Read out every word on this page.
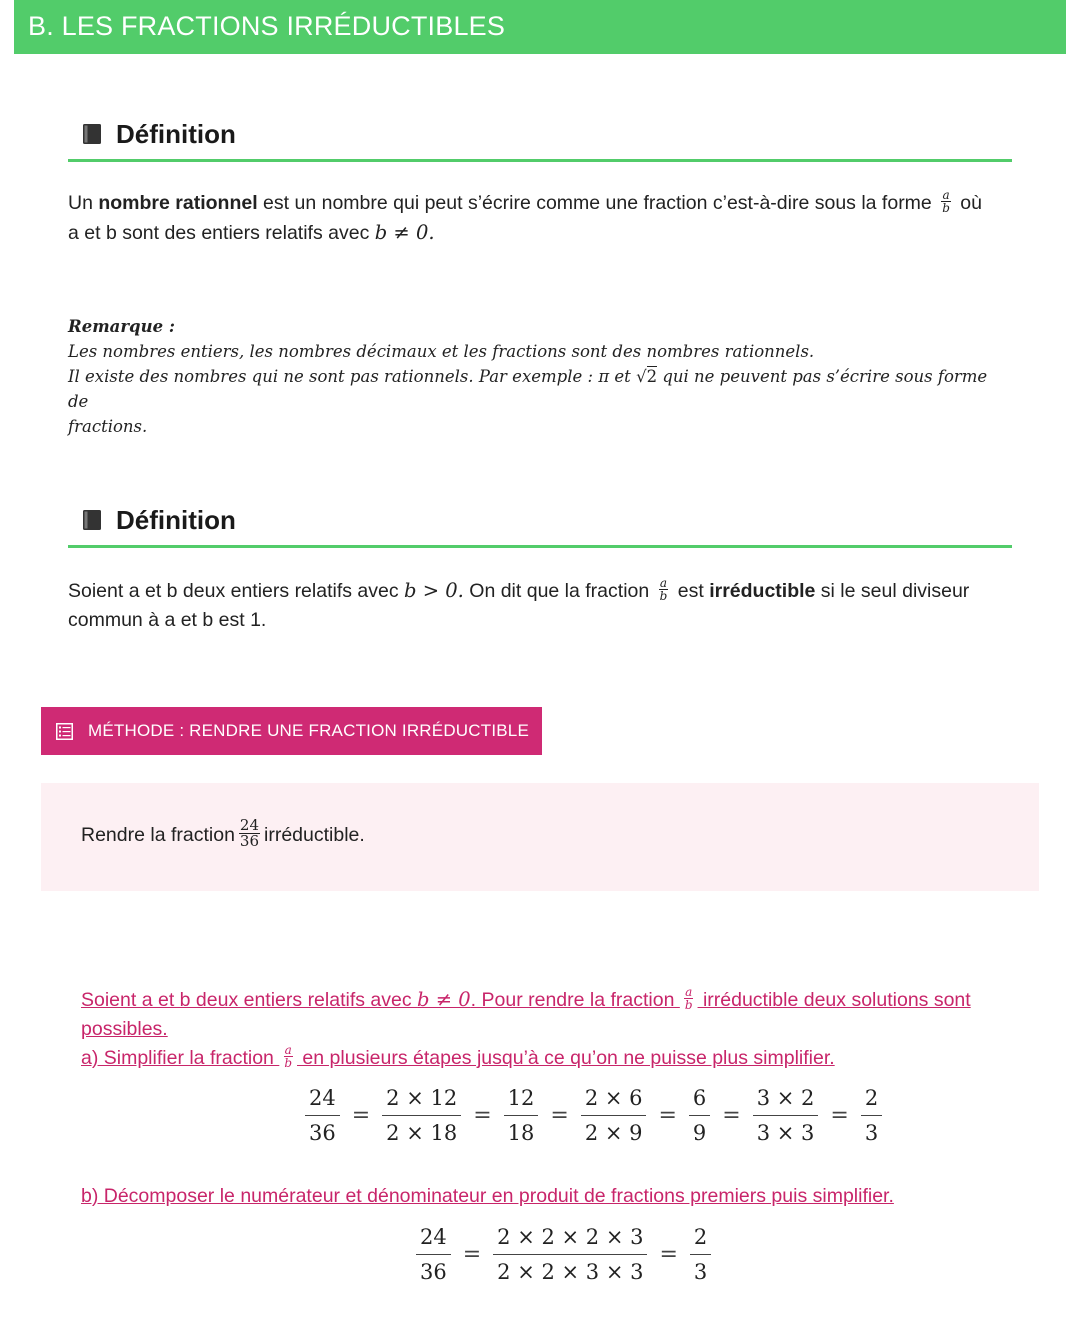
B. LES FRACTIONS IRRÉDUCTIBLES
Définition
Un nombre rationnel est un nombre qui peut s’écrire comme une fraction c’est-à-dire sous la forme $\frac{a}{b}$ où
a et b sont des entiers relatifs avec b ≠ 0.
Remarque :
Les nombres entiers, les nombres décimaux et les fractions sont des nombres rationnels.
Il existe des nombres qui ne sont pas rationnels. Par exemple : π et √2 qui ne peuvent pas s’écrire sous forme de
fractions.
Définition
Soient a et b deux entiers relatifs avec b > 0. On dit que la fraction $\frac{a}{b}$ est irréductible si le seul diviseur
commun à a et b est 1.
MÉTHODE : RENDRE UNE FRACTION IRRÉDUCTIBLE
Rendre la fraction $\frac{24}{36}$ irréductible.
Soient a et b deux entiers relatifs avec b ≠ 0. Pour rendre la fraction $\frac{a}{b}$ irréductible deux solutions sont
possibles.
a) Simplifier la fraction $\frac{a}{b}$ en plusieurs étapes jusqu’à ce qu’on ne puisse plus simplifier.
$\frac{24}{36} = \frac{2 \times 12}{2 \times 18} = \frac{12}{18} = \frac{2 \times 6}{2 \times 9} = \frac{6}{9} = \frac{3 \times 2}{3 \times 3} = \frac{2}{3}$
b) Décomposer le numérateur et dénominateur en produit de fractions premiers puis simplifier.
$\frac{24}{36} = \frac{2 \times 2 \times 2 \times 3}{2 \times 2 \times 3 \times 3} = \frac{2}{3}$
